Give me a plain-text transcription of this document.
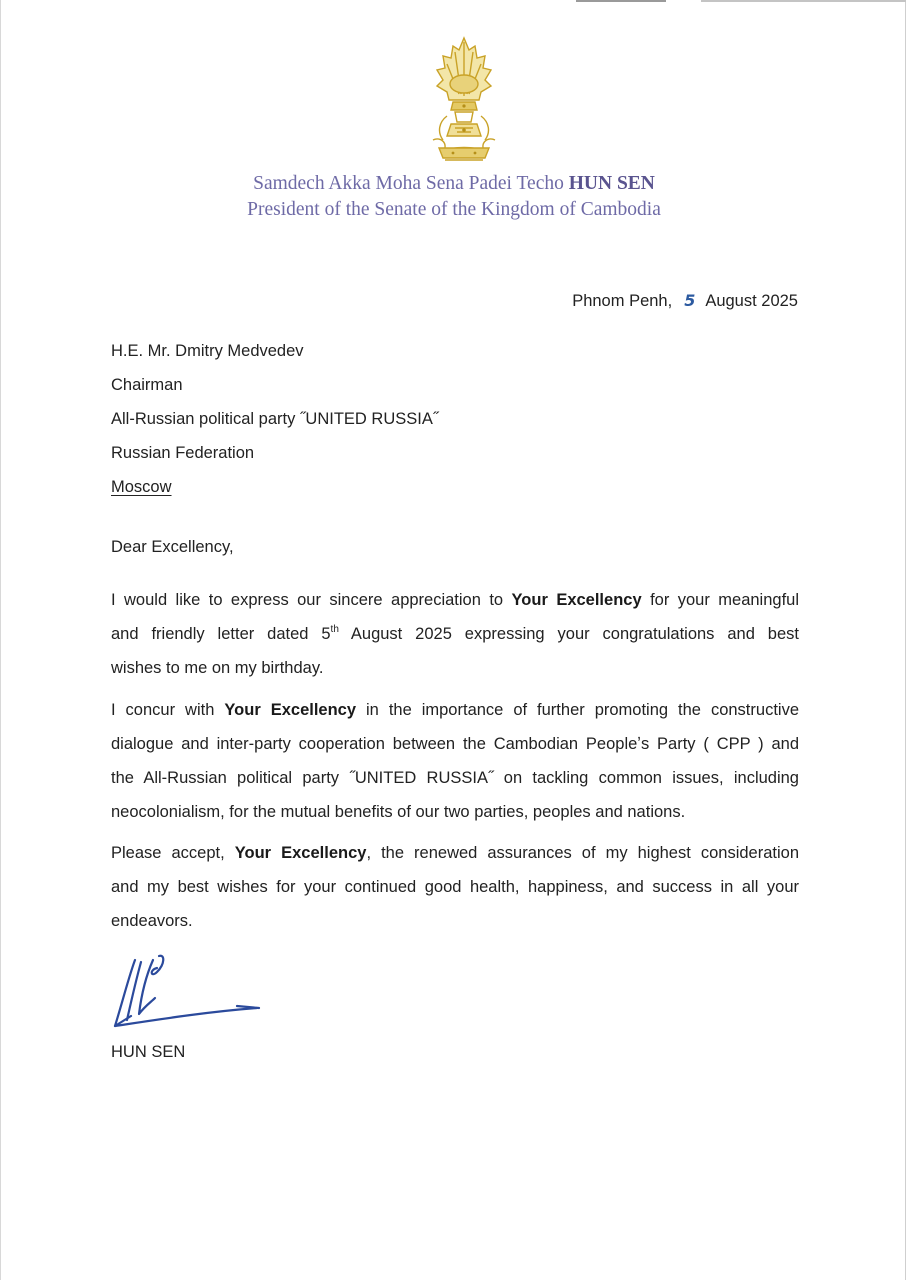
Samdech Akka Moha Sena Padei Techo HUN SEN
President of the Senate of the Kingdom of Cambodia
Phnom Penh, 5 August 2025
H.E. Mr. Dmitry Medvedev
Chairman
All-Russian political party ˝UNITED RUSSIA˝
Russian Federation
Moscow
Dear Excellency,
I would like to express our sincere appreciation to Your Excellency for your meaningful
and friendly letter dated 5th August 2025 expressing your congratulations and best
wishes to me on my birthday.
I concur with Your Excellency in the importance of further promoting the constructive
dialogue and inter-party cooperation between the Cambodian Peopleʼs Party ( CPP ) and
the All-Russian political party ˝UNITED RUSSIA˝ on tackling common issues, including
neocolonialism, for the mutual benefits of our two parties, peoples and nations.
Please accept, Your Excellency, the renewed assurances of my highest consideration
and my best wishes for your continued good health, happiness, and success in all your
endeavors.
HUN SEN
